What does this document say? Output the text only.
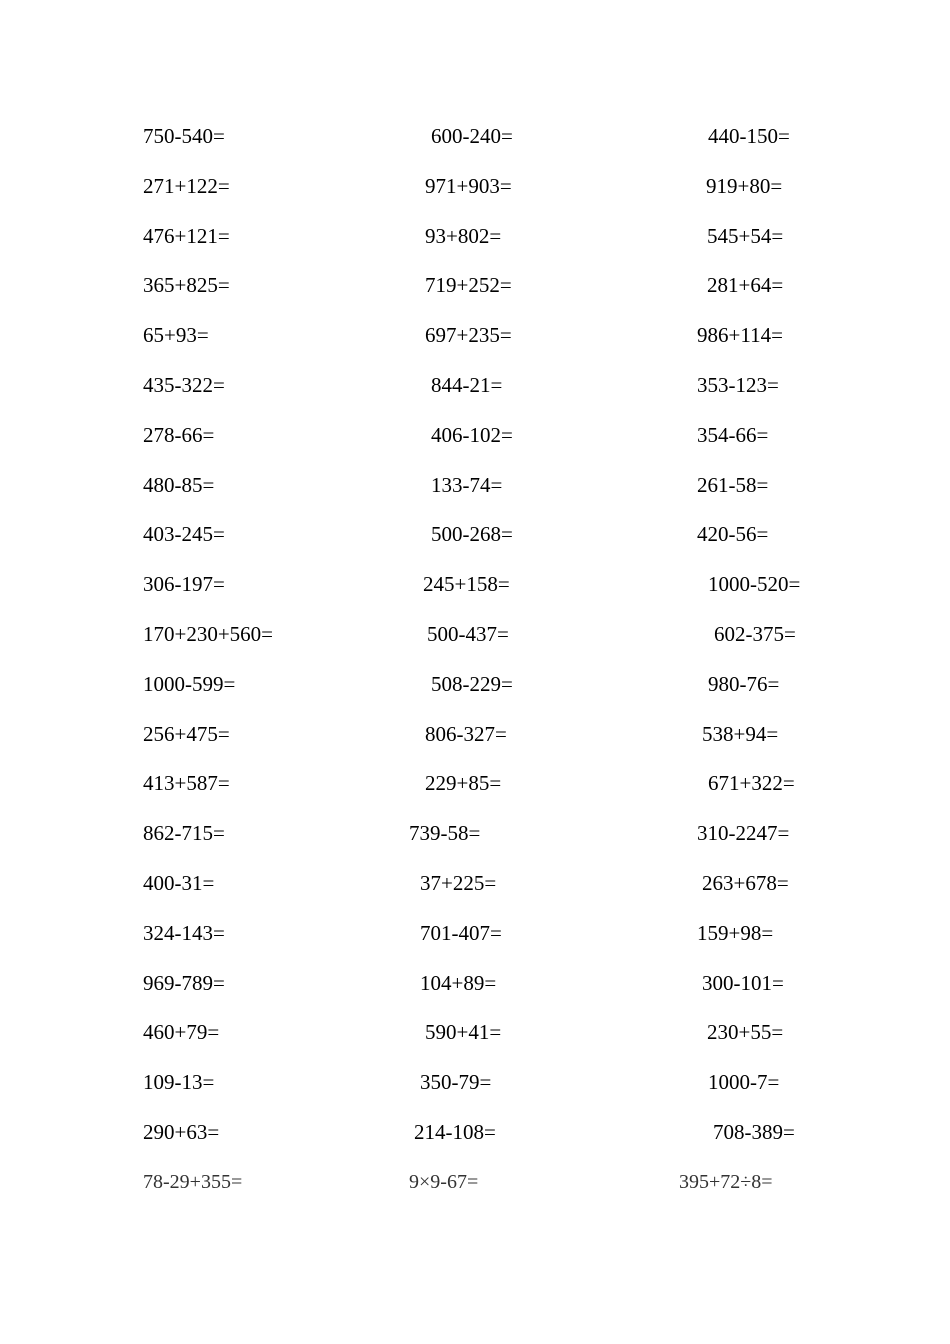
750-540=	600-240=	440-150=
271+122=	971+903=	919+80=
476+121=	93+802=	545+54=
365+825=	719+252=	281+64=
65+93=	697+235=	986+114=
435-322=	844-21=	353-123=
278-66=	406-102=	354-66=
480-85=	133-74=	261-58=
403-245=	500-268=	420-56=
306-197=	245+158=	1000-520=
170+230+560=	500-437=	602-375=
1000-599=	508-229=	980-76=
256+475=	806-327=	538+94=
413+587=	229+85=	671+322=
862-715=	739-58=	310-2247=
400-31=	37+225=	263+678=
324-143=	701-407=	159+98=
969-789=	104+89=	300-101=
460+79=	590+41=	230+55=
109-13=	350-79=	1000-7=
290+63=	214-108=	708-389=
78-29+355=	9×9-67=	395+72÷8=
